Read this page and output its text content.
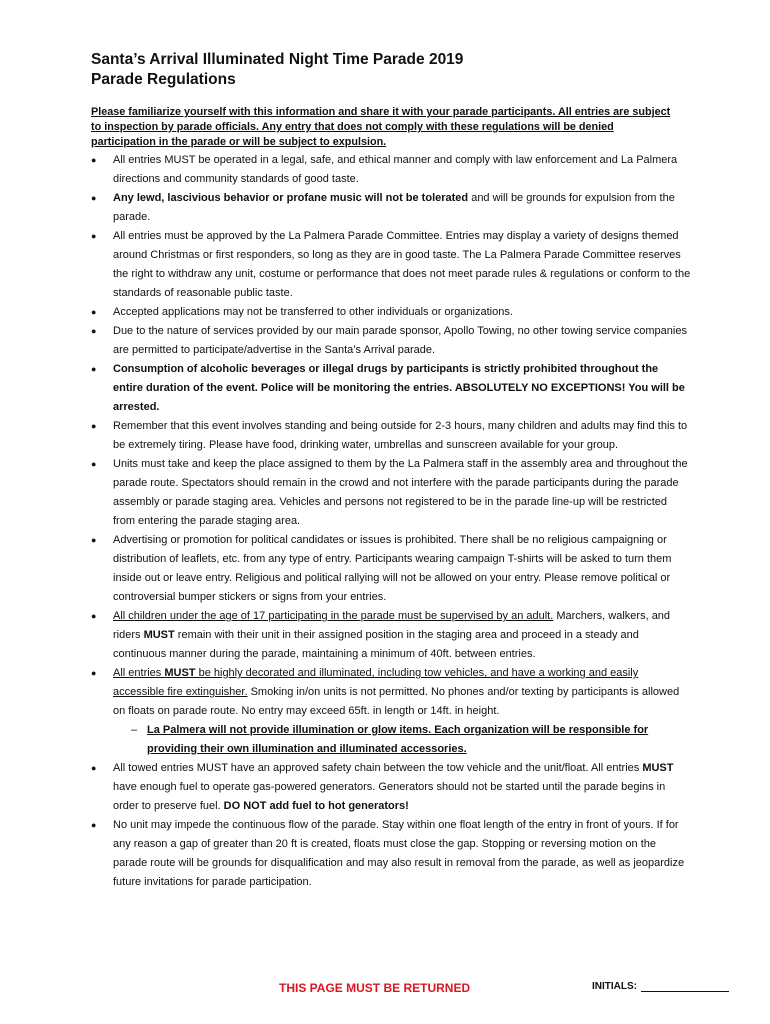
Santa’s Arrival Illuminated Night Time Parade 2019
Parade Regulations

Please familiarize yourself with this information and share it with your parade participants. All entries are subject to inspection by parade officials. Any entry that does not comply with these regulations will be denied participation in the parade or will be subject to expulsion.

● All entries MUST be operated in a legal, safe, and ethical manner and comply with law enforcement and La Palmera directions and community standards of good taste.
● Any lewd, lascivious behavior or profane music will not be tolerated and will be grounds for expulsion from the parade.
● All entries must be approved by the La Palmera Parade Committee. Entries may display a variety of designs themed around Christmas or first responders, so long as they are in good taste. The La Palmera Parade Committee reserves the right to withdraw any unit, costume or performance that does not meet parade rules & regulations or conform to the standards of reasonable public taste.
● Accepted applications may not be transferred to other individuals or organizations.
● Due to the nature of services provided by our main parade sponsor, Apollo Towing, no other towing service companies are permitted to participate/advertise in the Santa’s Arrival parade.
● Consumption of alcoholic beverages or illegal drugs by participants is strictly prohibited throughout the entire duration of the event. Police will be monitoring the entries. ABSOLUTELY NO EXCEPTIONS! You will be arrested.
● Remember that this event involves standing and being outside for 2-3 hours, many children and adults may find this to be extremely tiring. Please have food, drinking water, umbrellas and sunscreen available for your group.
● Units must take and keep the place assigned to them by the La Palmera staff in the assembly area and throughout the parade route. Spectators should remain in the crowd and not interfere with the parade participants during the parade assembly or parade staging area. Vehicles and persons not registered to be in the parade line-up will be restricted from entering the parade staging area.
● Advertising or promotion for political candidates or issues is prohibited. There shall be no religious campaigning or distribution of leaflets, etc. from any type of entry. Participants wearing campaign T-shirts will be asked to turn them inside out or leave entry. Religious and political rallying will not be allowed on your entry. Please remove political or controversial bumper stickers or signs from your entries.
● All children under the age of 17 participating in the parade must be supervised by an adult. Marchers, walkers, and riders MUST remain with their unit in their assigned position in the staging area and proceed in a steady and continuous manner during the parade, maintaining a minimum of 40ft. between entries.
● All entries MUST be highly decorated and illuminated, including tow vehicles, and have a working and easily accessible fire extinguisher. Smoking in/on units is not permitted. No phones and/or texting by participants is allowed on floats on parade route. No entry may exceed 65ft. in length or 14ft. in height.
– La Palmera will not provide illumination or glow items. Each organization will be responsible for providing their own illumination and illuminated accessories.
● All towed entries MUST have an approved safety chain between the tow vehicle and the unit/float. All entries MUST have enough fuel to operate gas-powered generators. Generators should not be started until the parade begins in order to preserve fuel. DO NOT add fuel to hot generators!
● No unit may impede the continuous flow of the parade. Stay within one float length of the entry in front of yours. If for any reason a gap of greater than 20 ft is created, floats must close the gap. Stopping or reversing motion on the parade route will be grounds for disqualification and may also result in removal from the parade, as well as jeopardize future invitations for parade participation.
THIS PAGE MUST BE RETURNED	INITIALS:
